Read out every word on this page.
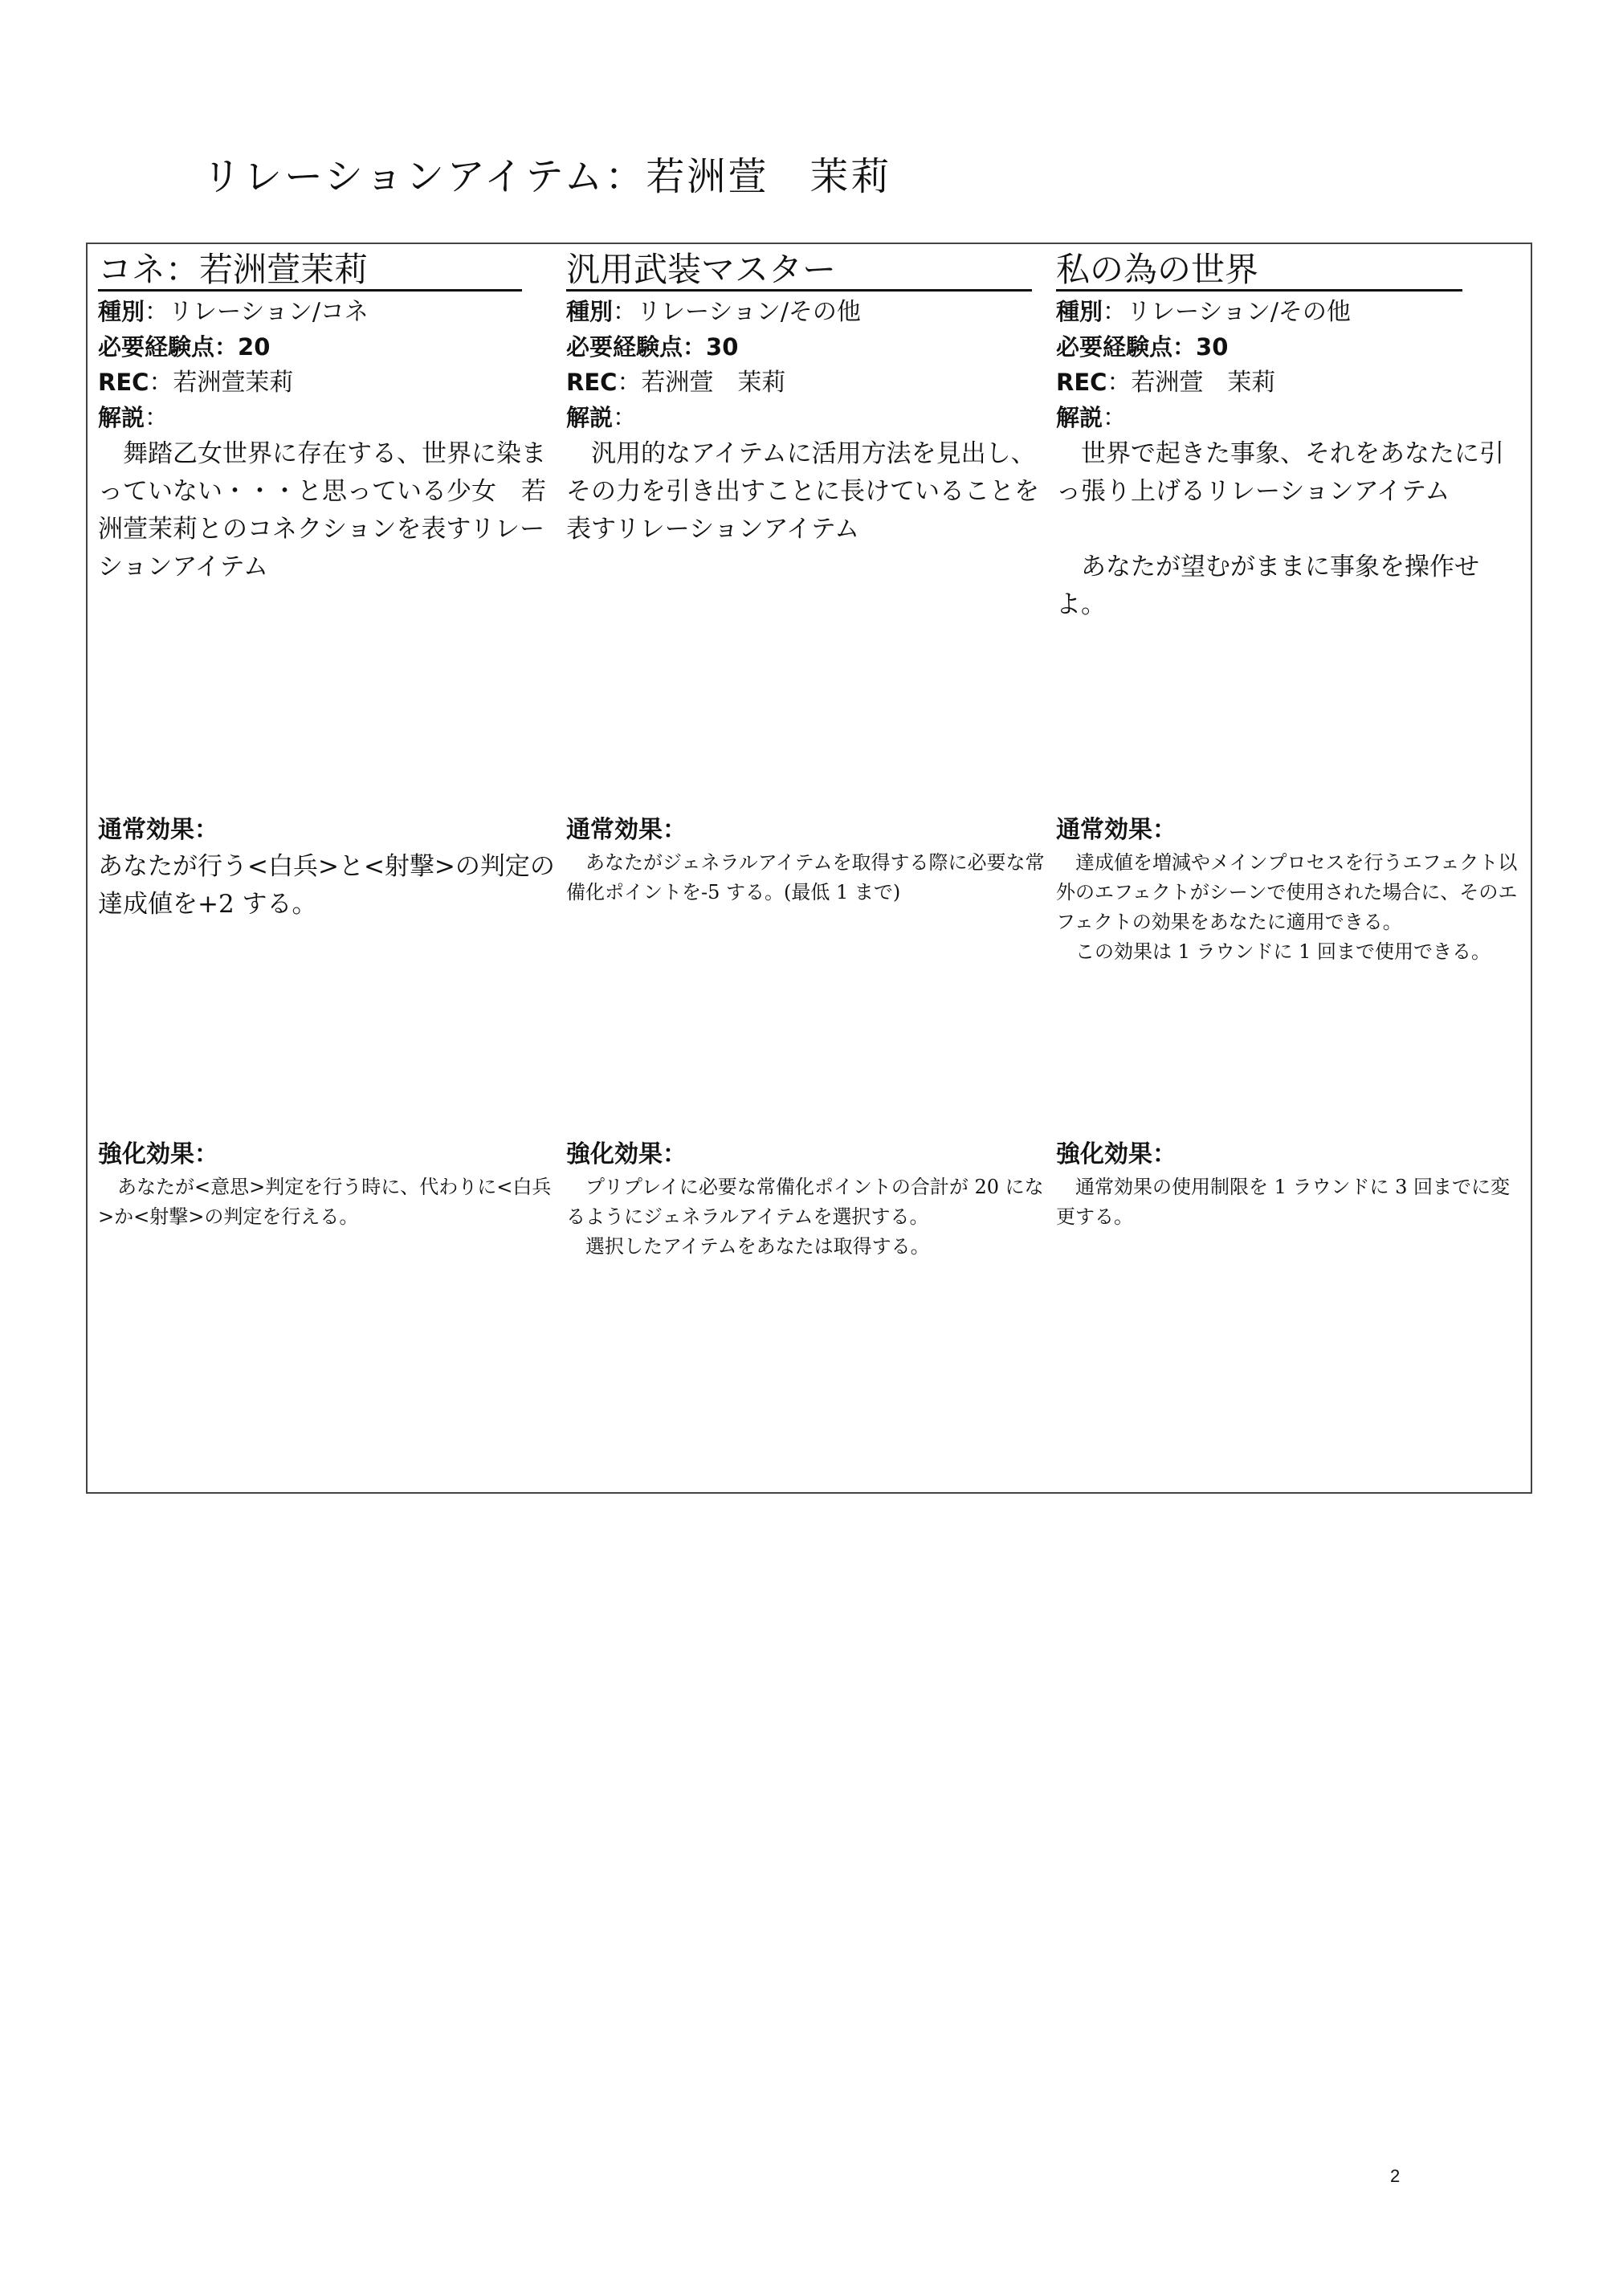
リレーションアイテム：若洲萱　茉莉
コネ：若洲萱茉莉
種別：リレーション/コネ
必要経験点：20
REC：若洲萱茉莉
解説：

　舞踏乙女世界に存在する、世界に染まっていない・・・と思っている少女　若洲萱茉莉とのコネクションを表すリレーションアイテム

通常効果：

あなたが行う<白兵>と<射撃>の判定の達成値を+2 する。

強化効果：

　あなたが<意思>判定を行う時に、代わりに<白兵>か<射撃>の判定を行える。

汎用武装マスター
種別：リレーション/その他
必要経験点：30
REC：若洲萱　茉莉
解説：

　汎用的なアイテムに活用方法を見出し、その力を引き出すことに長けていることを表すリレーションアイテム

通常効果：

　あなたがジェネラルアイテムを取得する際に必要な常備化ポイントを-5 する。(最低 1 まで)

強化効果：

　プリプレイに必要な常備化ポイントの合計が 20 になるようにジェネラルアイテムを選択する。
　選択したアイテムをあなたは取得する。

私の為の世界
種別：リレーション/その他
必要経験点：30
REC：若洲萱　茉莉
解説：

　世界で起きた事象、それをあなたに引っ張り上げるリレーションアイテム

　あなたが望むがままに事象を操作せよ。

通常効果：

　達成値を増減やメインプロセスを行うエフェクト以外のエフェクトがシーンで使用された場合に、そのエフェクトの効果をあなたに適用できる。
　この効果は 1 ラウンドに 1 回まで使用できる。

強化効果：

　通常効果の使用制限を 1 ラウンドに 3 回までに変更する。

2
